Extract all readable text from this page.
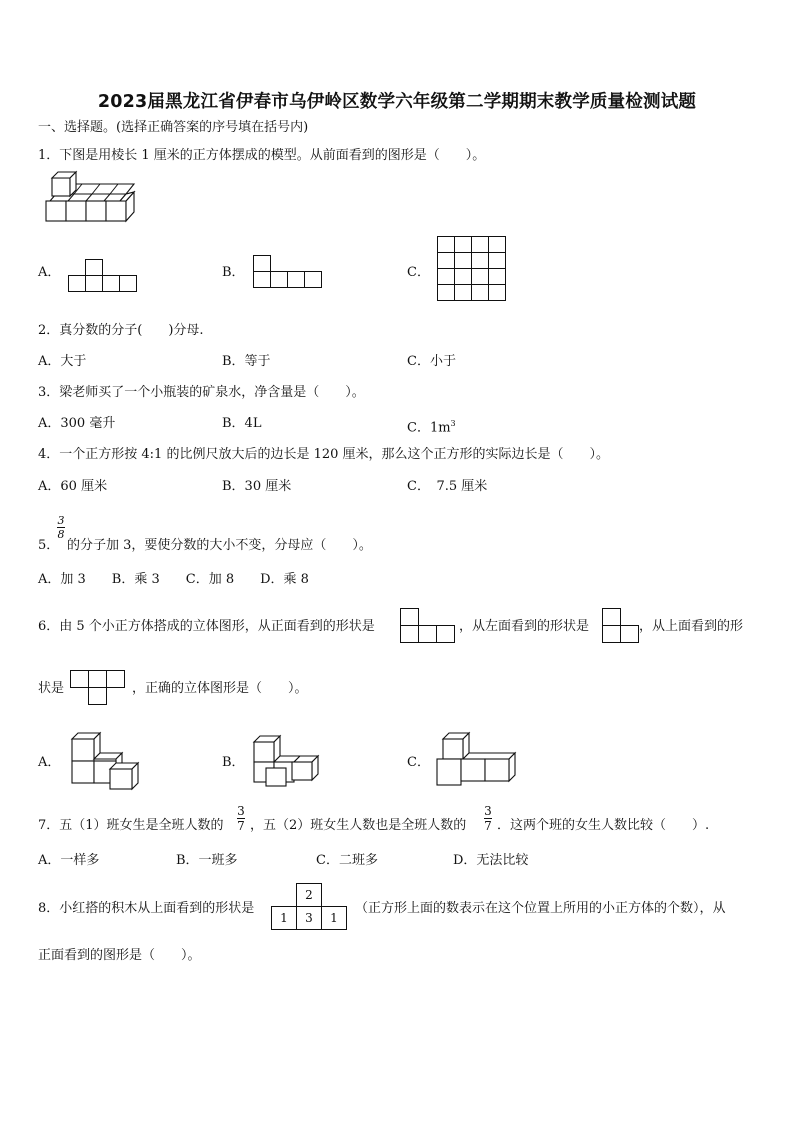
2023届黑龙江省伊春市乌伊岭区数学六年级第二学期期末教学质量检测试题
一、选择题。(选择正确答案的序号填在括号内)
1．下图是用棱长 1 厘米的正方体摆成的模型。从前面看到的图形是（　　）。
A．

				B．

				C．

2．真分数的分子(　　)分母.
A．大于	B．等于	C．小于
3．梁老师买了一个小瓶装的矿泉水，净含量是（　　）。
A．300 毫升	B．4L	C．$1m^3$
4．一个正方形按 4:1 的比例尺放大后的边长是 120 厘米，那么这个正方形的实际边长是（　　）。
A．60 厘米	B．30 厘米	C．　7.5 厘米
5．
3
8
的分子加 3，要使分数的大小不变，分母应（　　）。
A．加 3　　B．乘 3　　C．加 8　　D．乘 8
6．由 5 个小正方体搭成的立体图形，从正面看到的形状是

			，从左面看到的形状是

		，从上面看到的形
状是

			，正确的立体图形是（　　）。
A．	B．	C．
7．五（1）班女生是全班人数的
3
7 ，五（2）班女生人数也是全班人数的
3
7 ．这两个班的女生人数比较（　　）.
A．一样多	B．一班多	C．二班多	D．无法比较
8．小红搭的积木从上面看到的形状是
	2	
1	3	1
（正方形上面的数表示在这个位置上所用的小正方体的个数），从
正面看到的图形是（　　）。
